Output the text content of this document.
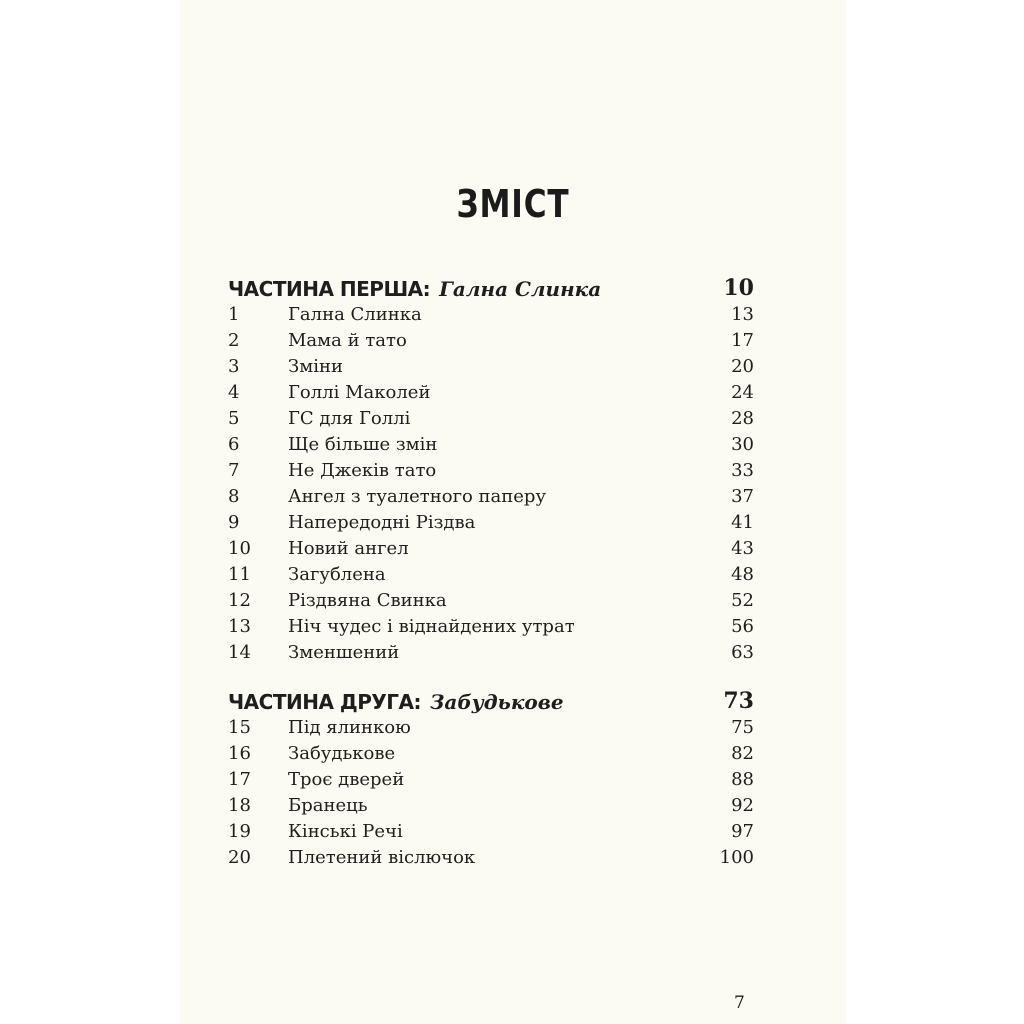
ЗМІСТ
ЧАСТИНА ПЕРША: Гална Слинка	10
1	Гална Слинка	13
2	Мама й тато	17
3	Зміни	20
4	Голлі Маколей	24
5	ГС для Голлі	28
6	Ще більше змін	30
7	Не Джеків тато	33
8	Ангел з туалетного паперу	37
9	Напередодні Різдва	41
10 Новий ангел	43
11 Загублена	48
12 Різдвяна Свинка	52
13 Ніч чудес і віднайдених утрат	56
14 Зменшений	63
ЧАСТИНА ДРУГА: Забудькове	73
15 Під ялинкою	75
16 Забудькове	82
17 Троє дверей	88
18 Бранець	92
19 Кінські Речі	97
20 Плетений віслючок	100
7
